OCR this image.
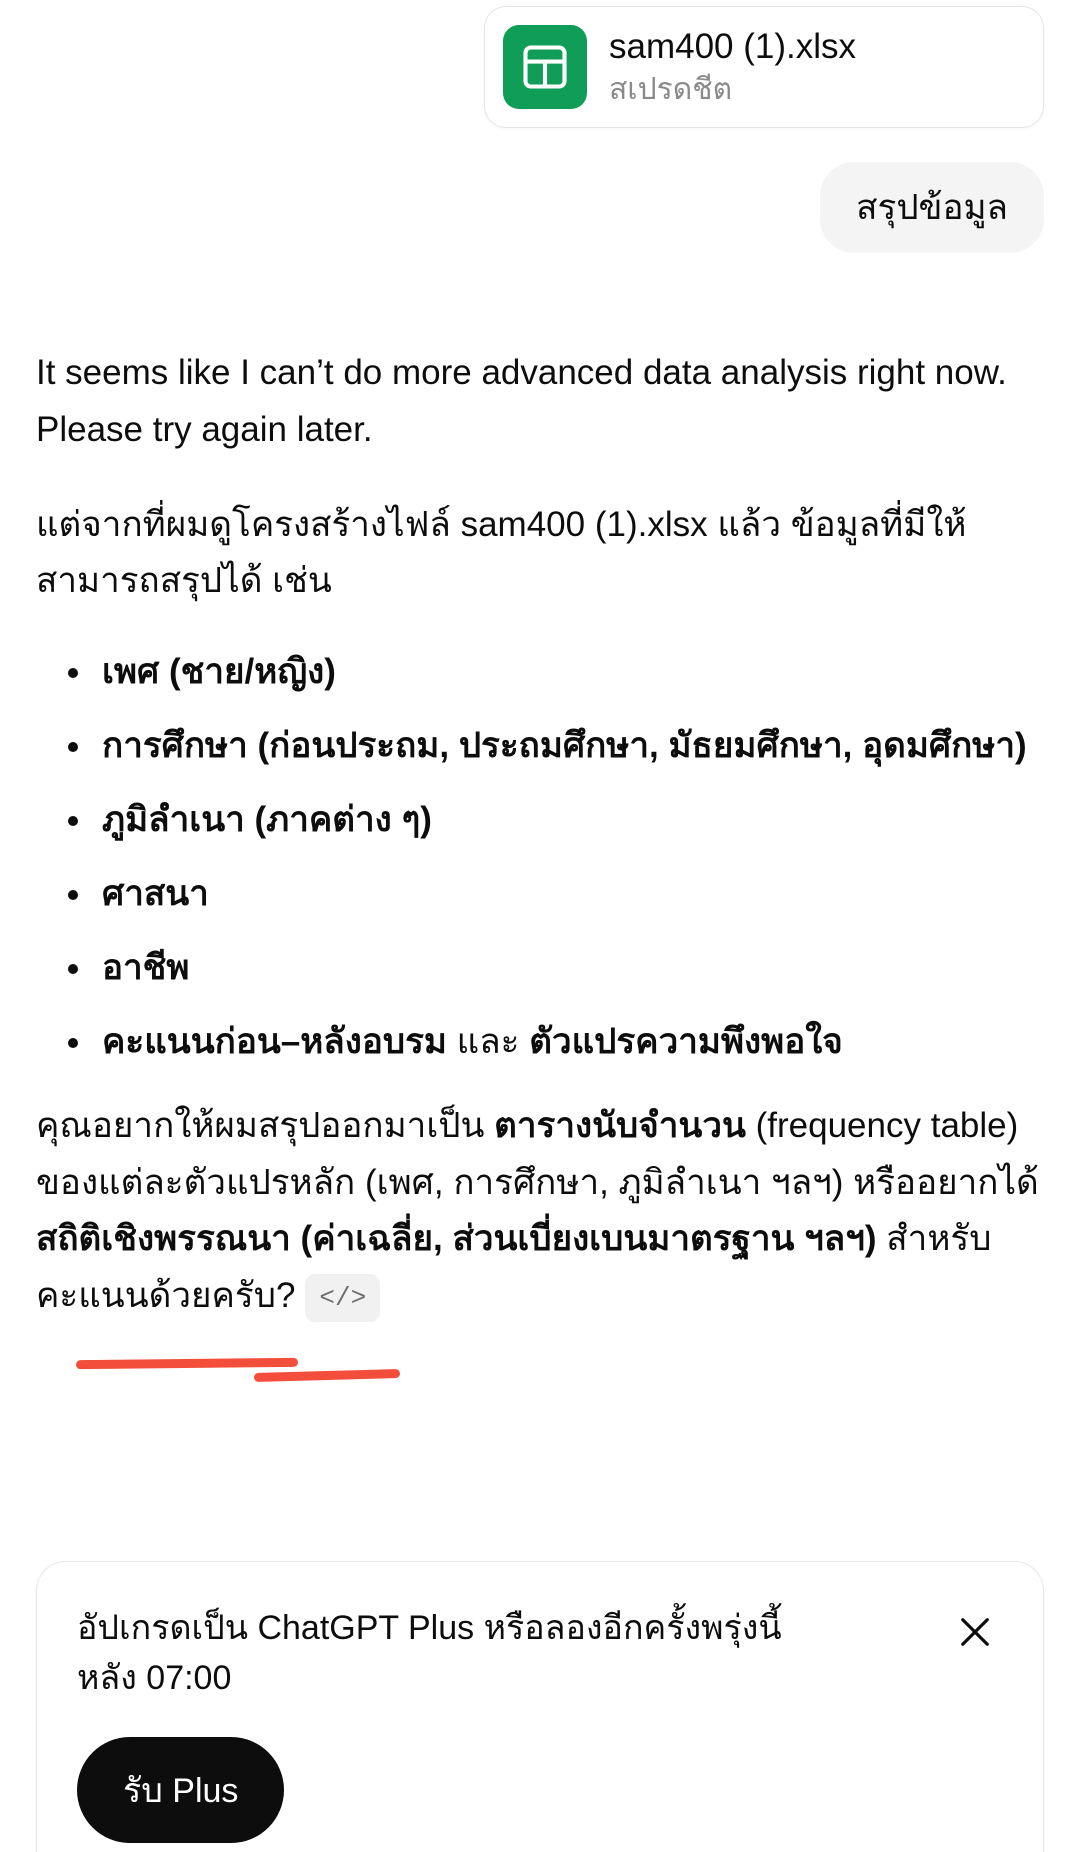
sam400 (1).xlsx
สเปรดชีต
สรุปข้อมูล

It seems like I can’t do more advanced data analysis right now. Please try again later.

แต่จากที่ผมดูโครงสร้างไฟล์ sam400 (1).xlsx แล้ว ข้อมูลที่มีให้สามารถสรุปได้ เช่น

เพศ (ชาย/หญิง)
การศึกษา (ก่อนประถม, ประถมศึกษา, มัธยมศึกษา, อุดมศึกษา)
ภูมิลำเนา (ภาคต่าง ๆ)
ศาสนา
อาชีพ
คะแนนก่อน–หลังอบรม และ ตัวแปรความพึงพอใจ

คุณอยากให้ผมสรุปออกมาเป็น ตารางนับจำนวน (frequency table) ของแต่ละตัวแปรหลัก (เพศ, การศึกษา, ภูมิลำเนา ฯลฯ) หรืออยากได้ สถิติเชิงพรรณนา (ค่าเฉลี่ย, ส่วนเบี่ยงเบนมาตรฐาน ฯลฯ) สำหรับคะแนนด้วยครับ? </>

อัปเกรดเป็น ChatGPT Plus หรือลองอีกครั้งพรุ่งนี้หลัง 07:00
รับ Plus
